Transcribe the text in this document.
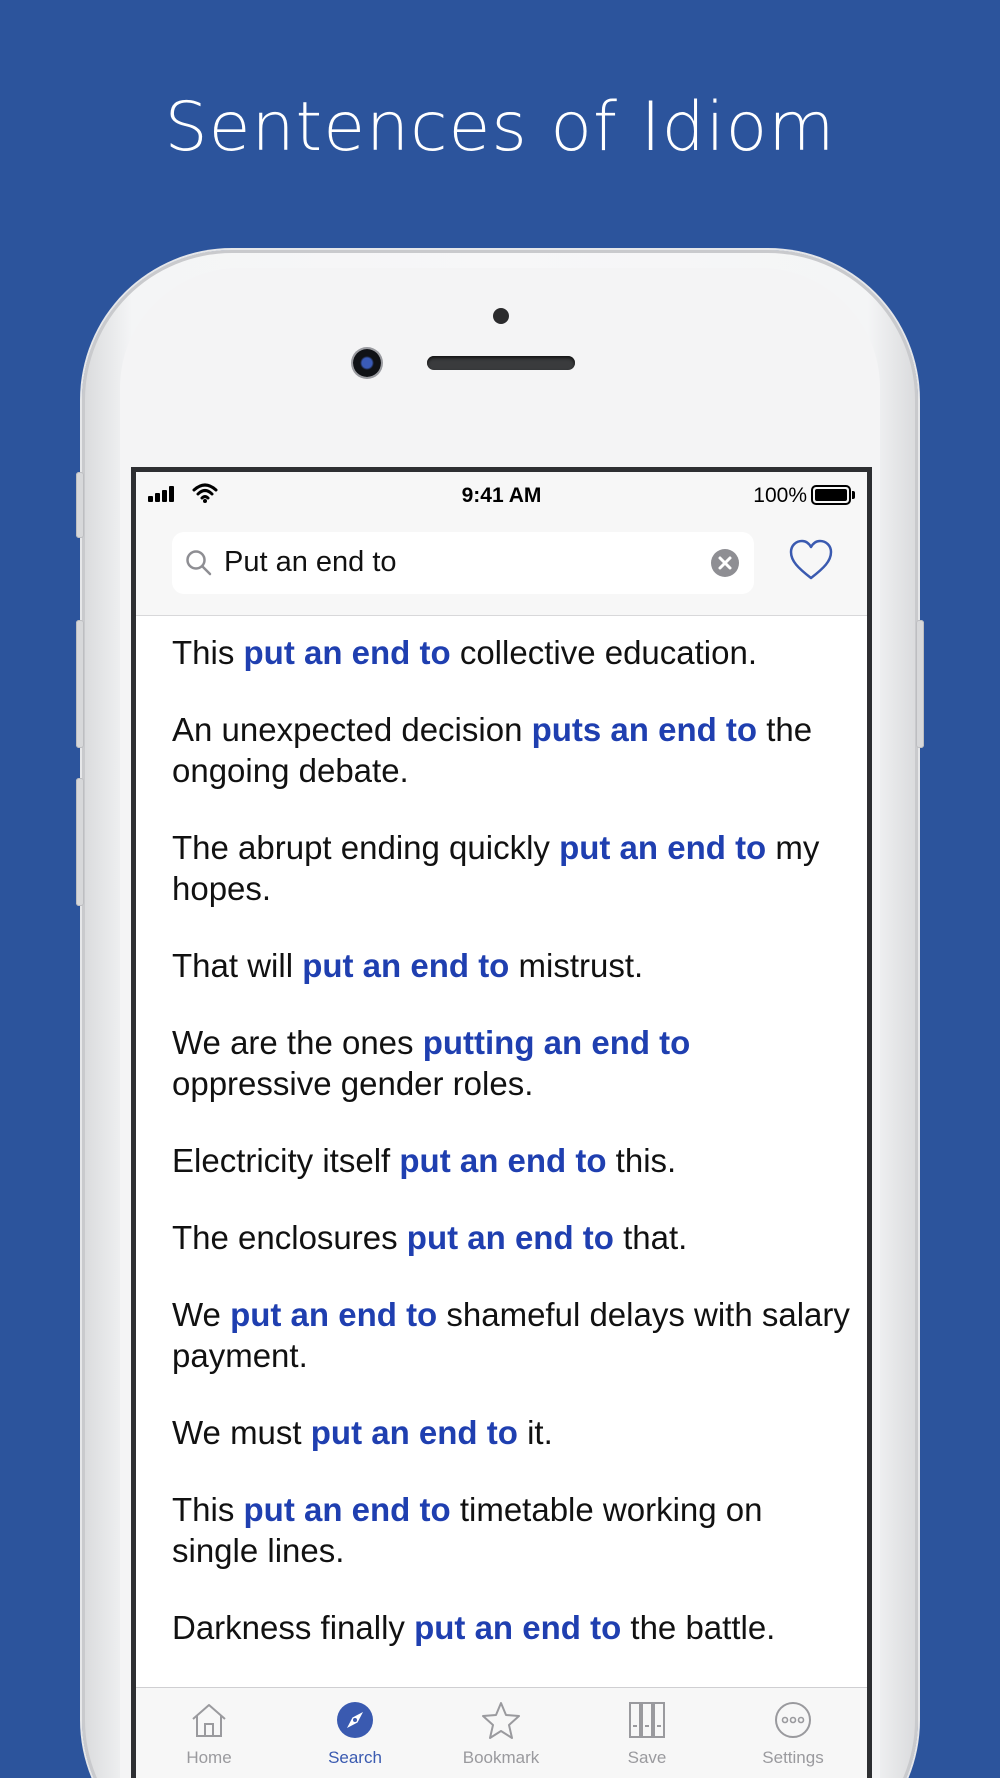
Sentences of Idiom
9:41 AM	100%
Put an end to

This put an end to collective education.

An unexpected decision puts an end to the ongoing debate.

The abrupt ending quickly put an end to my hopes.

That will put an end to mistrust.

We are the ones putting an end to oppressive gender roles.

Electricity itself put an end to this.

The enclosures put an end to that.

We put an end to shameful delays with salary payment.

We must put an end to it.

This put an end to timetable working on single lines.

Darkness finally put an end to the battle.

Home	Search	Bookmark	Save	Settings
